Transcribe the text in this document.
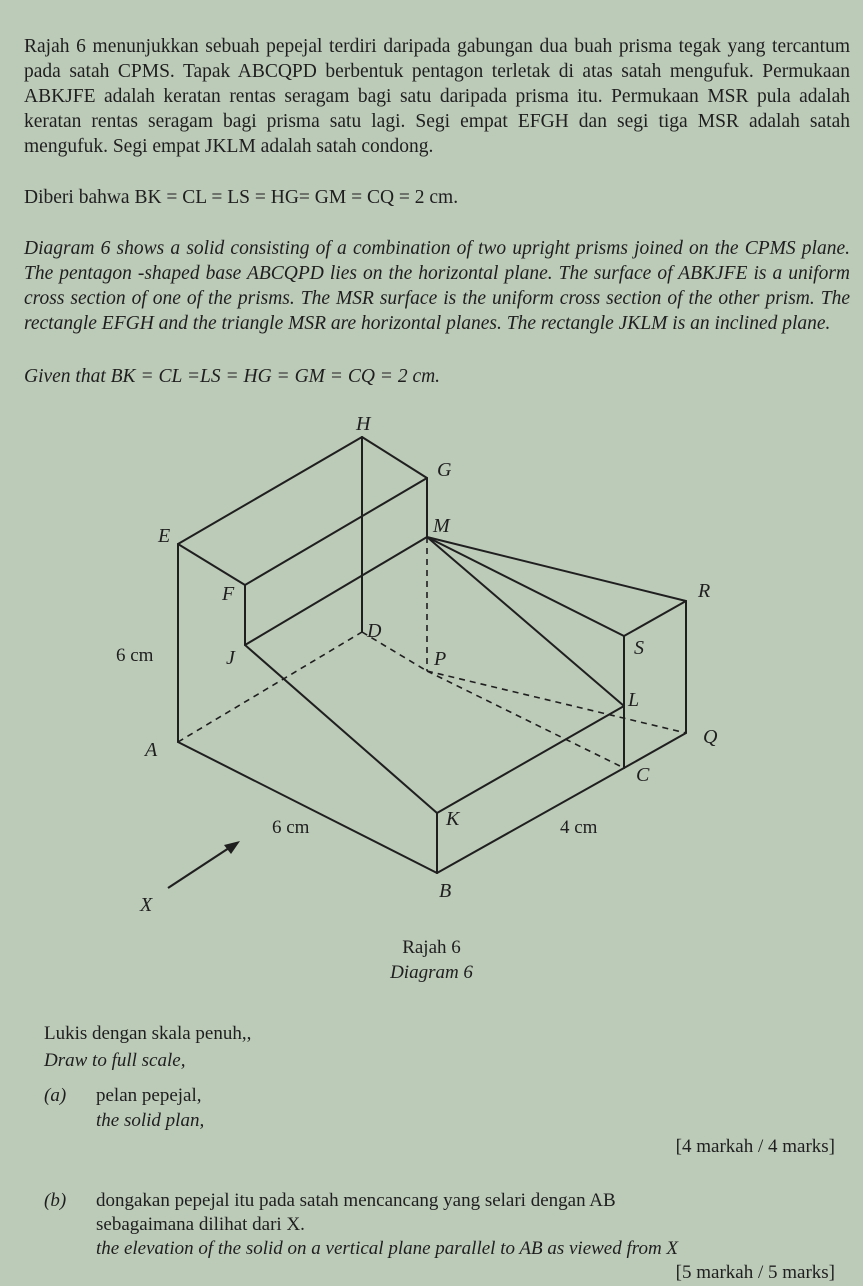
Rajah 6 menunjukkan sebuah pepejal terdiri daripada gabungan dua buah prisma tegak yang tercantum pada satah CPMS. Tapak ABCQPD berbentuk pentagon terletak di atas satah mengufuk. Permukaan ABKJFE adalah keratan rentas seragam bagi satu daripada prisma itu. Permukaan MSR pula adalah keratan rentas seragam bagi prisma satu lagi. Segi empat EFGH dan segi tiga MSR adalah satah mengufuk. Segi empat JKLM adalah satah condong.
Diberi bahwa BK = CL = LS = HG= GM = CQ = 2 cm.
Diagram 6 shows a solid consisting of a combination of two upright prisms joined on the CPMS plane. The pentagon -shaped base ABCQPD lies on the horizontal plane. The surface of ABKJFE is a uniform cross section of one of the prisms. The MSR surface is the uniform cross section of the other prism. The rectangle EFGH and the triangle MSR are horizontal planes. The rectangle JKLM is an inclined plane.
Given that BK = CL =LS = HG = GM = CQ = 2 cm.
H
G
E	M
F	R
D
S
J	P
L
Q
A
C
K
B
X
6 cm
6 cm	4 cm
Rajah 6
Diagram 6
Lukis dengan skala penuh,,
Draw to full scale,
(a) pelan pepejal,
the solid plan,
[4 markah / 4 marks]
(b) dongakan pepejal itu pada satah mencancang yang selari dengan AB
sebagaimana dilihat dari X.
the elevation of the solid on a vertical plane parallel to AB as viewed from X
[5 markah / 5 marks]
